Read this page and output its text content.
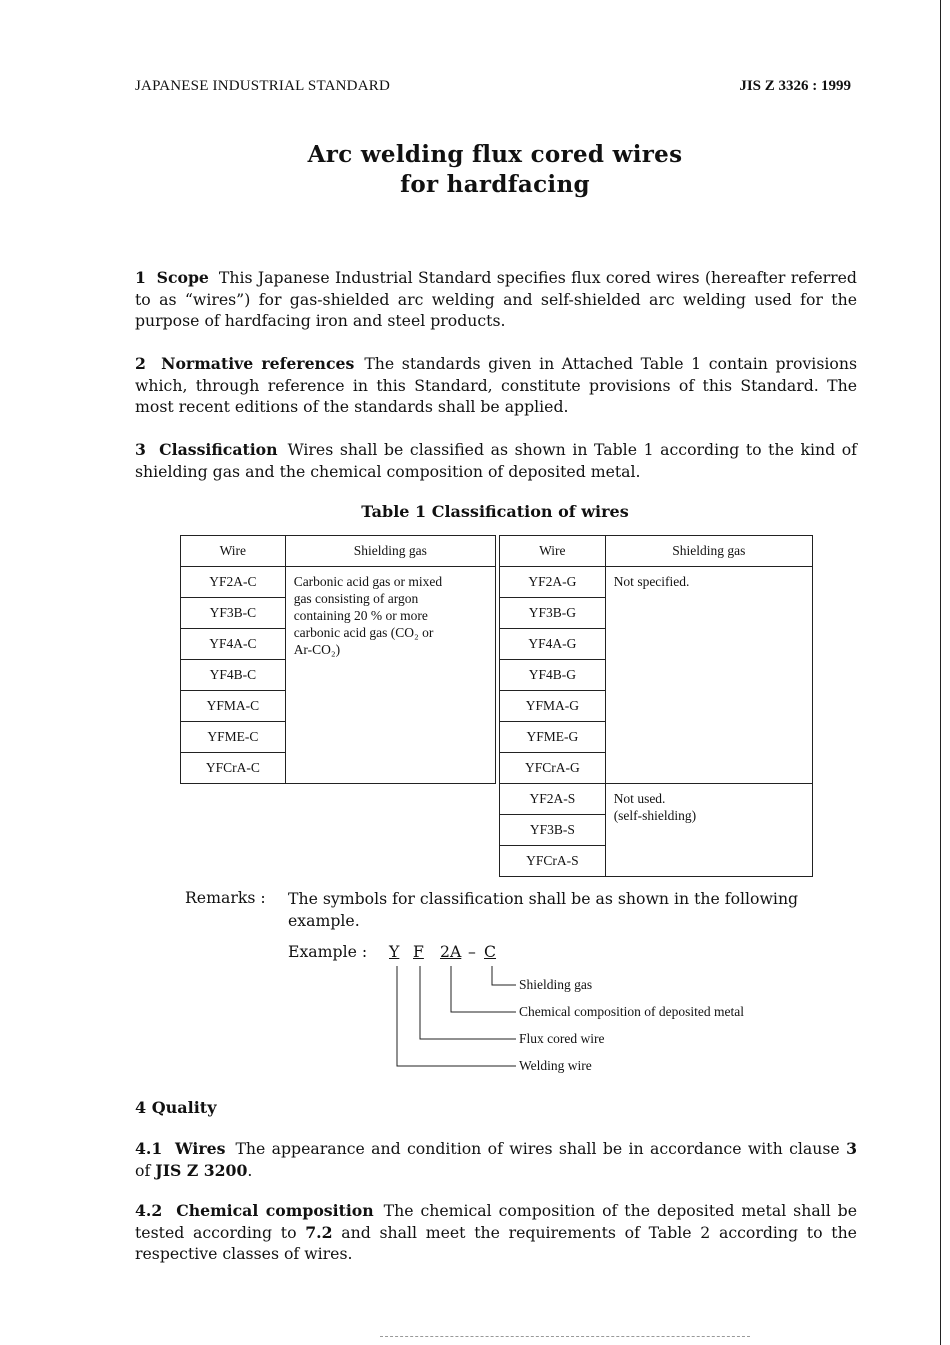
JAPANESE INDUSTRIAL STANDARD	JIS Z 3326 : 1999
Arc welding flux cored wires
for hardfacing
1 Scope This Japanese Industrial Standard specifies flux cored wires (hereafter referred to as “wires”) for gas-shielded arc welding and self-shielded arc welding used for the purpose of hardfacing iron and steel products.
2 Normative references The standards given in Attached Table 1 contain provisions which, through reference in this Standard, constitute provisions of this Standard. The most recent editions of the standards shall be applied.
3 Classification Wires shall be classified as shown in Table 1 according to the kind of shielding gas and the chemical composition of deposited metal.
Table 1 Classification of wires
Wire	Shielding gas
YF2A-C	Carbonic acid gas or mixed
gas consisting of argon
containing 20 % or more
carbonic acid gas (CO₂ or
Ar-CO₂)

YF3B-C	
YF4A-C	
YF4B-C	
YFMA-C	
YFME-C	
YFCrA-C	
Wire	Shielding gas
YF2A-G	Not specified.
YF3B-G	
YF4A-G	
YF4B-G	
YFMA-G	
YFME-G	
YFCrA-G	
YF2A-S	Not used.
(self-shielding)

YF3B-S	
YFCrA-S	
Remarks : The symbols for classification shall be as shown in the following example.
Example : Y F 2A – C
Shielding gas
Chemical composition of deposited metal
Flux cored wire
Welding wire
4 Quality
4.1 Wires The appearance and condition of wires shall be in accordance with clause 3 of JIS Z 3200.
4.2 Chemical composition The chemical composition of the deposited metal shall be tested according to 7.2 and shall meet the requirements of Table 2 according to the respective classes of wires.
